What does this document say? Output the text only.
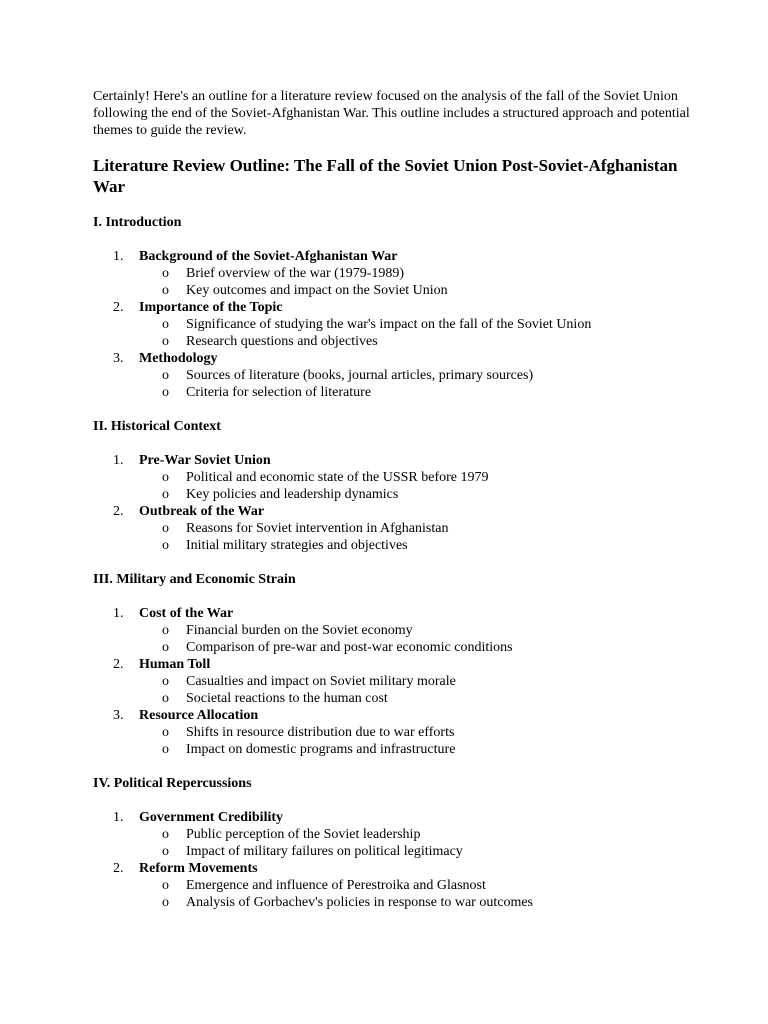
Certainly! Here's an outline for a literature review focused on the analysis of the fall of the Soviet Union following the end of the Soviet-Afghanistan War. This outline includes a structured approach and potential themes to guide the review.

Literature Review Outline: The Fall of the Soviet Union Post-Soviet-Afghanistan War
I. Introduction
1.	Background of the Soviet-Afghanistan War
o Brief overview of the war (1979-1989)
o Key outcomes and impact on the Soviet Union
2.	Importance of the Topic
o Significance of studying the war's impact on the fall of the Soviet Union
o Research questions and objectives
3.	Methodology
o Sources of literature (books, journal articles, primary sources)
o Criteria for selection of literature
II. Historical Context
1.	Pre-War Soviet Union
o Political and economic state of the USSR before 1979
o Key policies and leadership dynamics
2.	Outbreak of the War
o Reasons for Soviet intervention in Afghanistan
o Initial military strategies and objectives
III. Military and Economic Strain
1.	Cost of the War
o Financial burden on the Soviet economy
o Comparison of pre-war and post-war economic conditions
2.	Human Toll
o Casualties and impact on Soviet military morale
o Societal reactions to the human cost
3.	Resource Allocation
o Shifts in resource distribution due to war efforts
o Impact on domestic programs and infrastructure
IV. Political Repercussions
1.	Government Credibility
o Public perception of the Soviet leadership
o Impact of military failures on political legitimacy
2.	Reform Movements
o Emergence and influence of Perestroika and Glasnost
o Analysis of Gorbachev's policies in response to war outcomes
